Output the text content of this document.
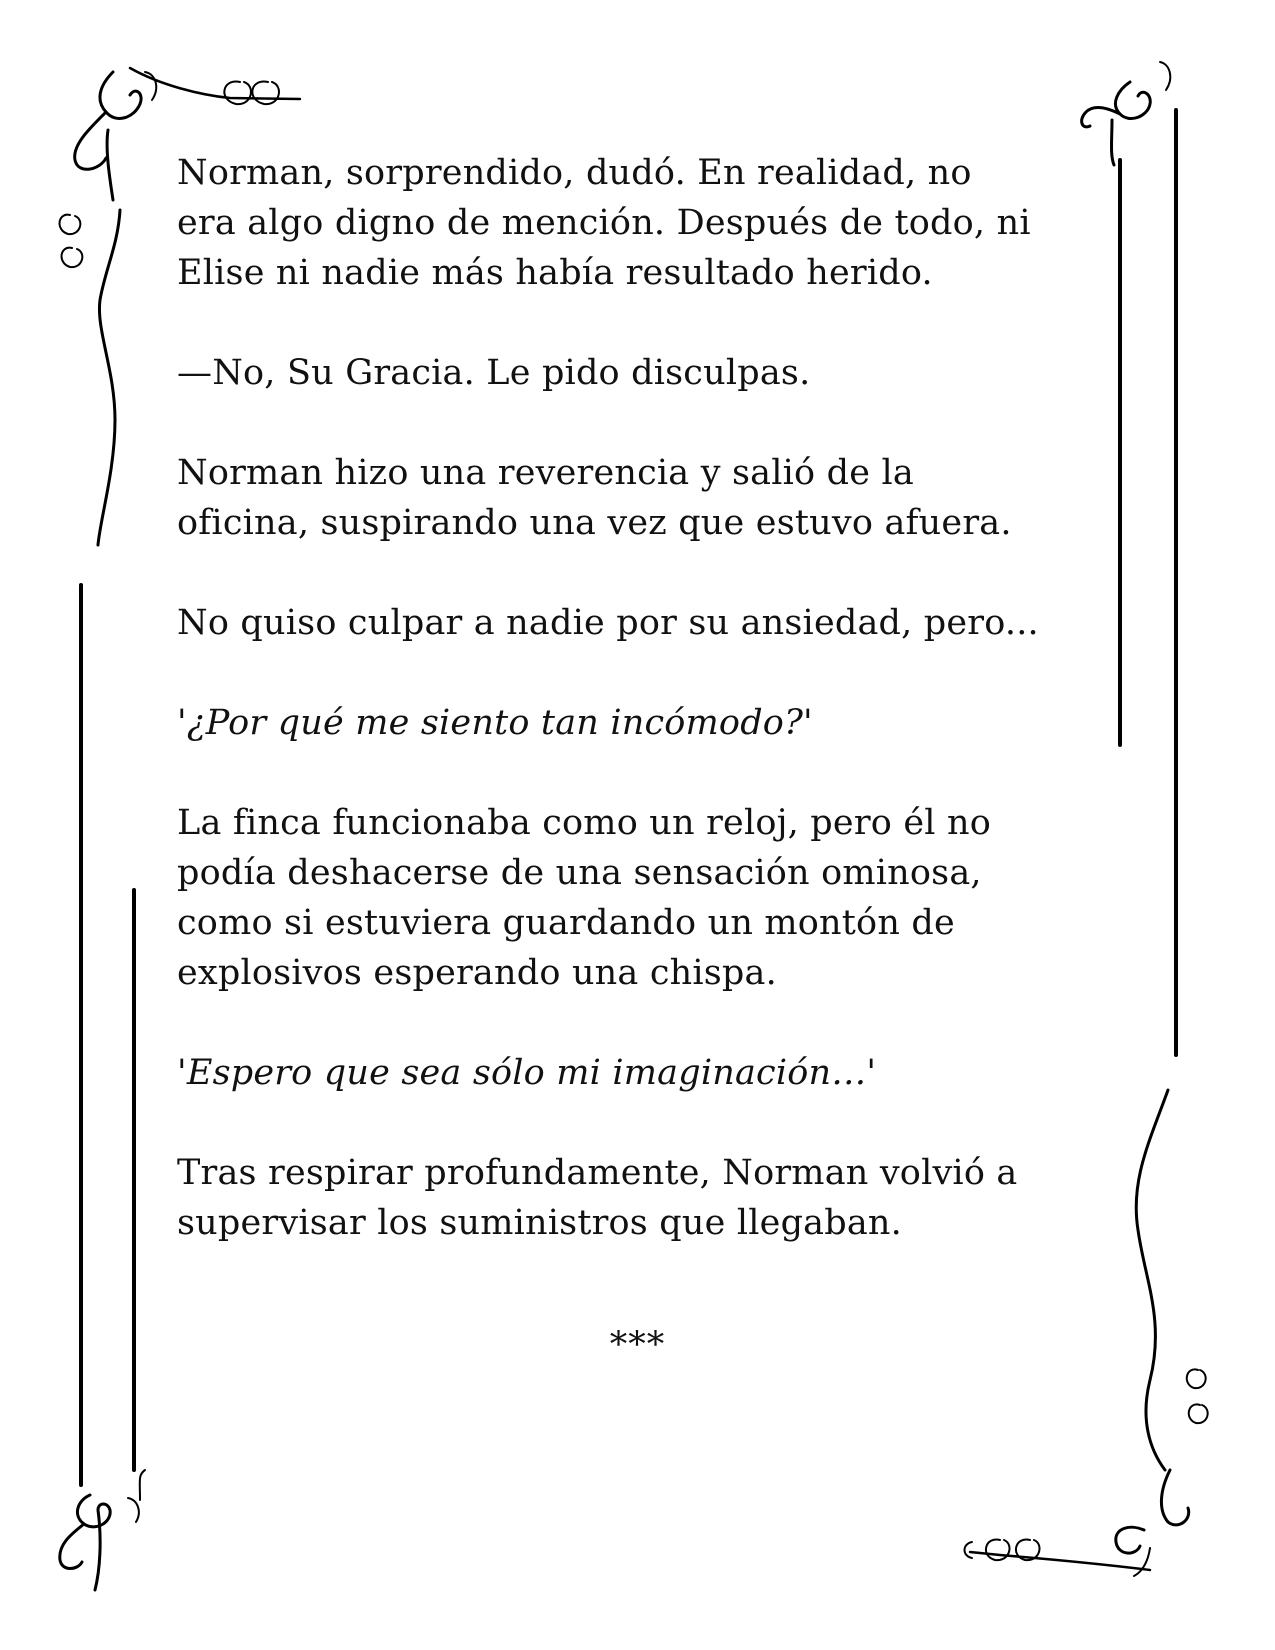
Norman, sorprendido, dudó. En realidad, no
era algo digno de mención. Después de todo, ni
Elise ni nadie más había resultado herido.

—No, Su Gracia. Le pido disculpas.

Norman hizo una reverencia y salió de la
oficina, suspirando una vez que estuvo afuera.

No quiso culpar a nadie por su ansiedad, pero...

'¿Por qué me siento tan incómodo?'

La finca funcionaba como un reloj, pero él no
podía deshacerse de una sensación ominosa,
como si estuviera guardando un montón de
explosivos esperando una chispa.

'Espero que sea sólo mi imaginación…'

Tras respirar profundamente, Norman volvió a
supervisar los suministros que llegaban.

***
